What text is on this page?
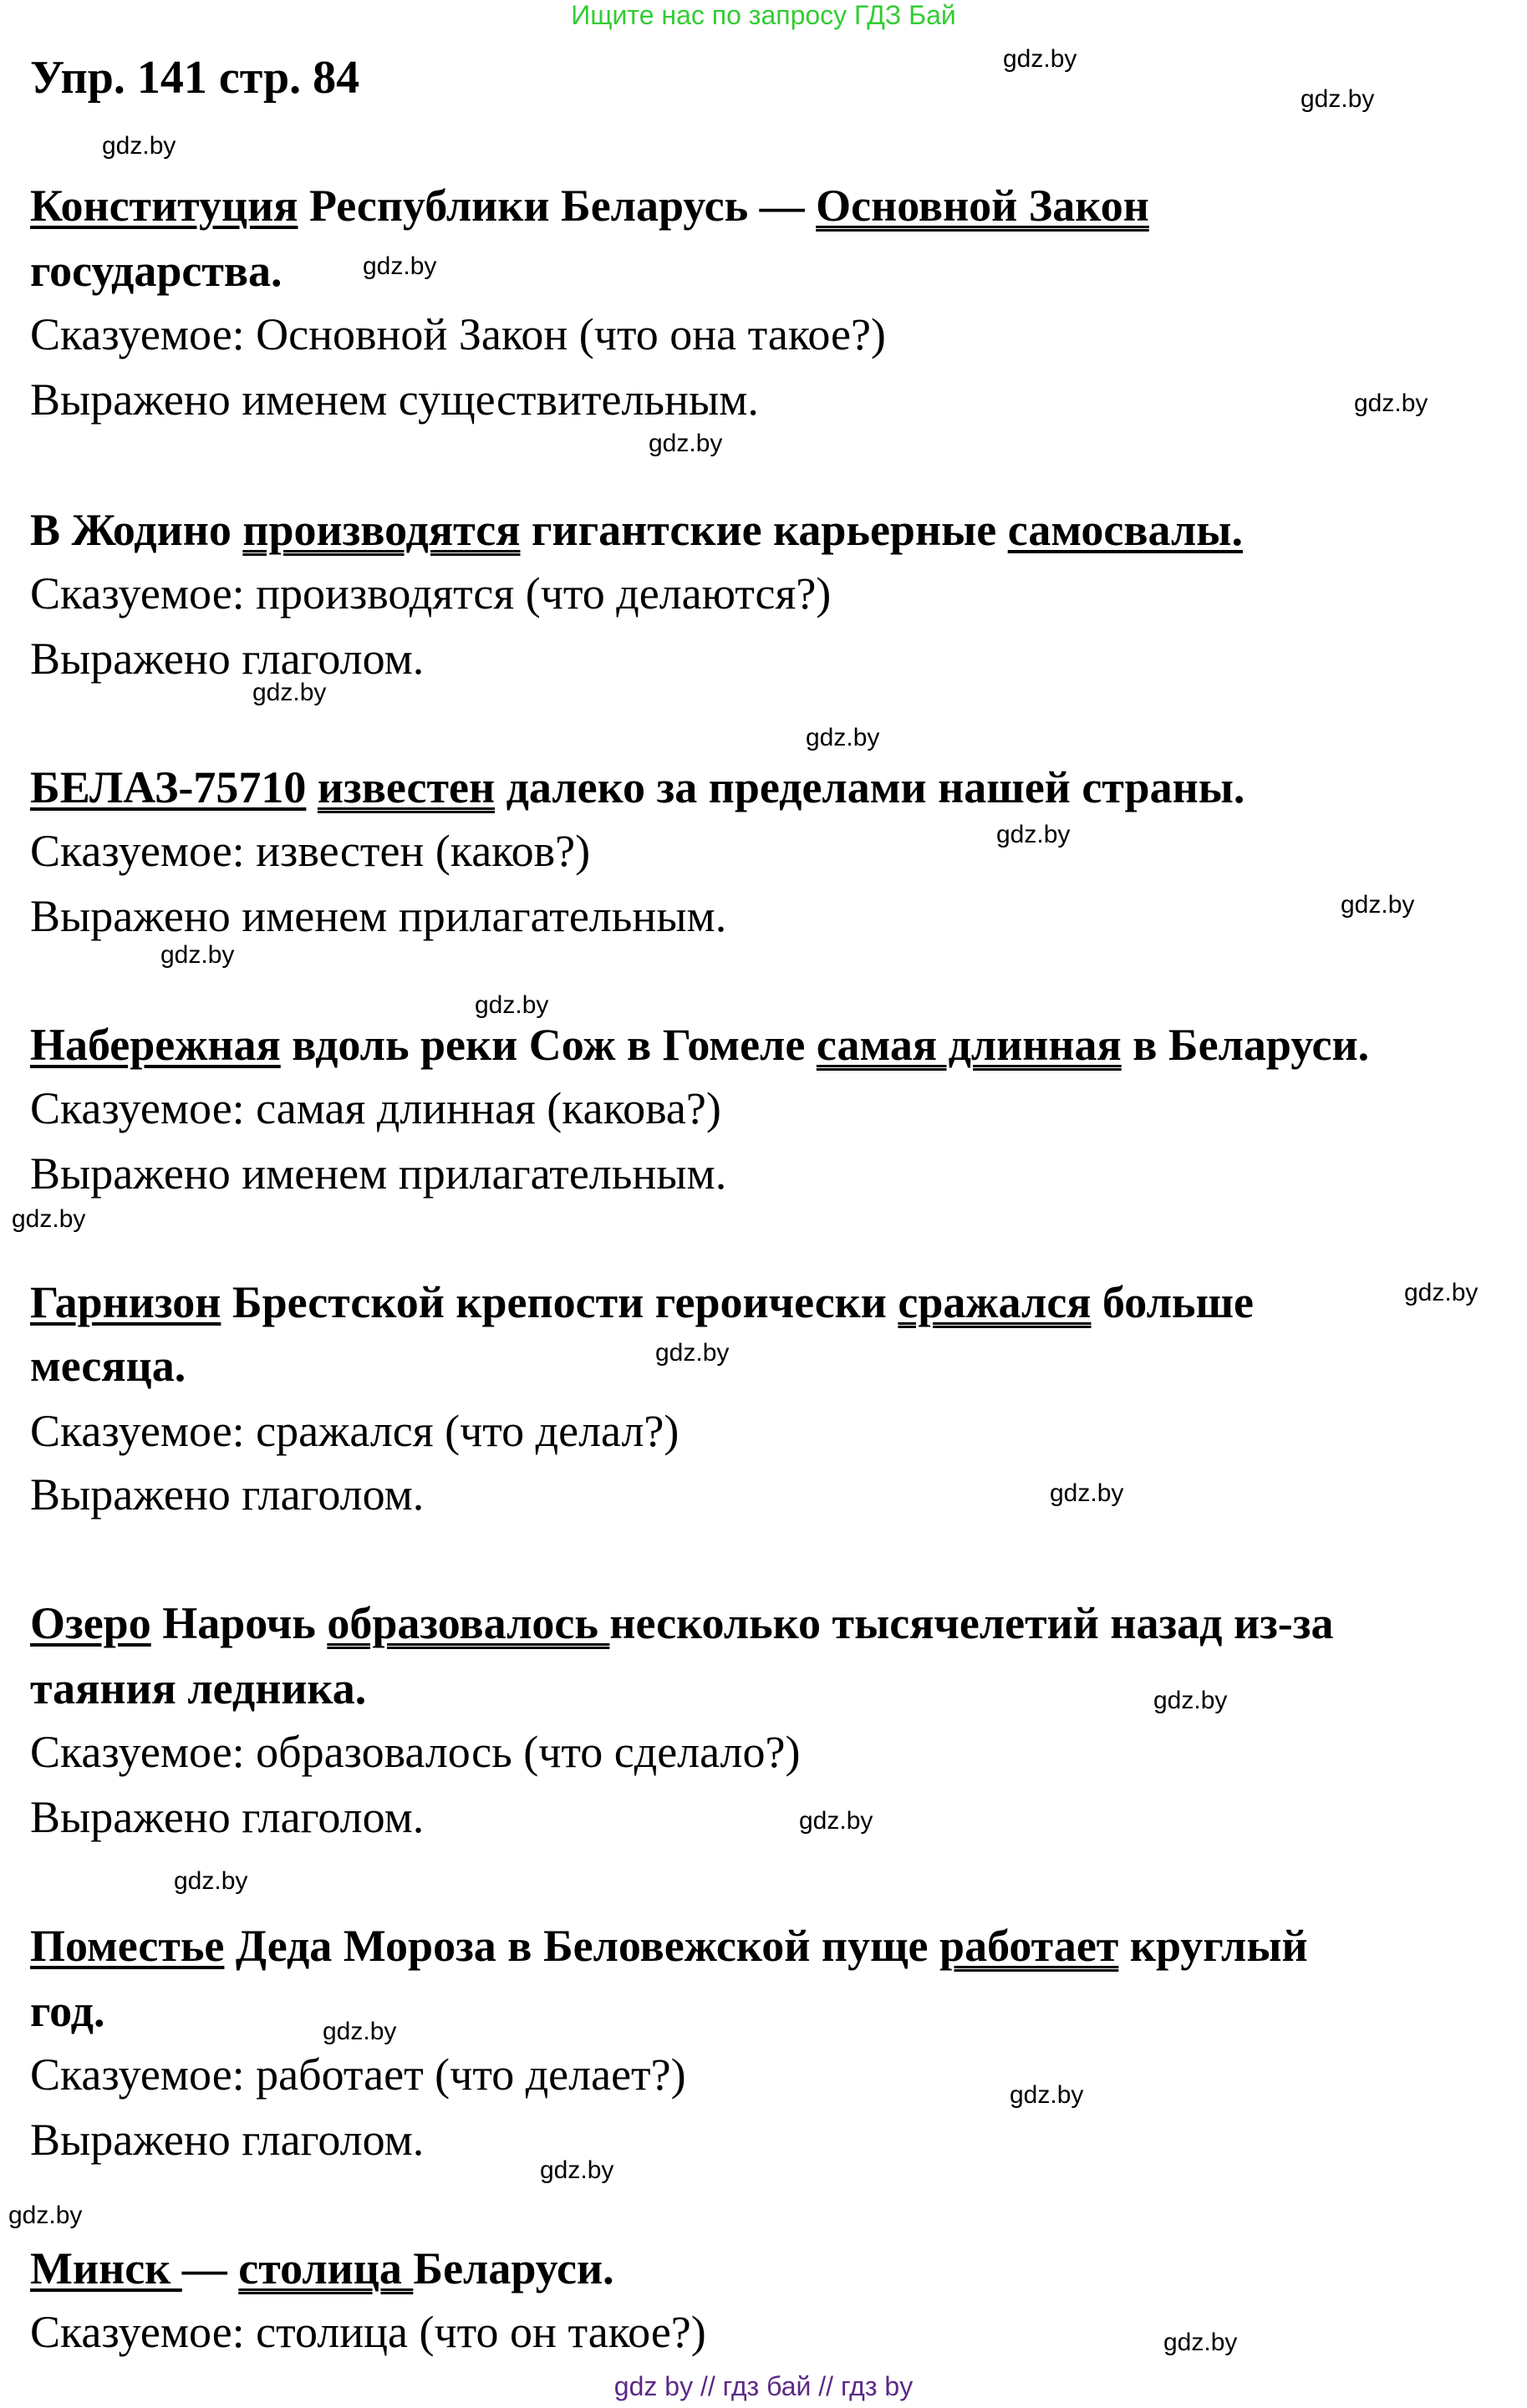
Ищите нас по запросу ГДЗ Бай
Упр. 141 стр. 84
Конституция Республики Беларусь — Основной Закон
государства.
Сказуемое: Основной Закон (что она такое?)
Выражено именем существительным.
В Жодино производятся гигантские карьерные самосвалы.
Сказуемое: производятся (что делаются?)
Выражено глаголом.
БЕЛАЗ-75710 известен далеко за пределами нашей страны.
Сказуемое: известен (каков?)
Выражено именем прилагательным.
Набережная вдоль реки Сож в Гомеле самая длинная в Беларуси.
Сказуемое: самая длинная (какова?)
Выражено именем прилагательным.
Гарнизон Брестской крепости героически сражался больше
месяца.
Сказуемое: сражался (что делал?)
Выражено глаголом.
Озеро Нарочь образовалось несколько тысячелетий назад из-за
таяния ледника.
Сказуемое: образовалось (что сделало?)
Выражено глаголом.
Поместье Деда Мороза в Беловежской пуще работает круглый
год.
Сказуемое: работает (что делает?)
Выражено глаголом.
Минск — столица Беларуси.
Сказуемое: столица (что он такое?)
gdz.by
gdz.by
gdz.by
gdz.by
gdz.by
gdz.by
gdz.by
gdz.by
gdz.by
gdz.by
gdz.by
gdz.by
gdz.by
gdz.by
gdz.by
gdz.by
gdz.by
gdz.by
gdz.by
gdz.by
gdz.by
gdz.by
gdz.by
gdz.by
gdz by // гдз бай // гдз by
